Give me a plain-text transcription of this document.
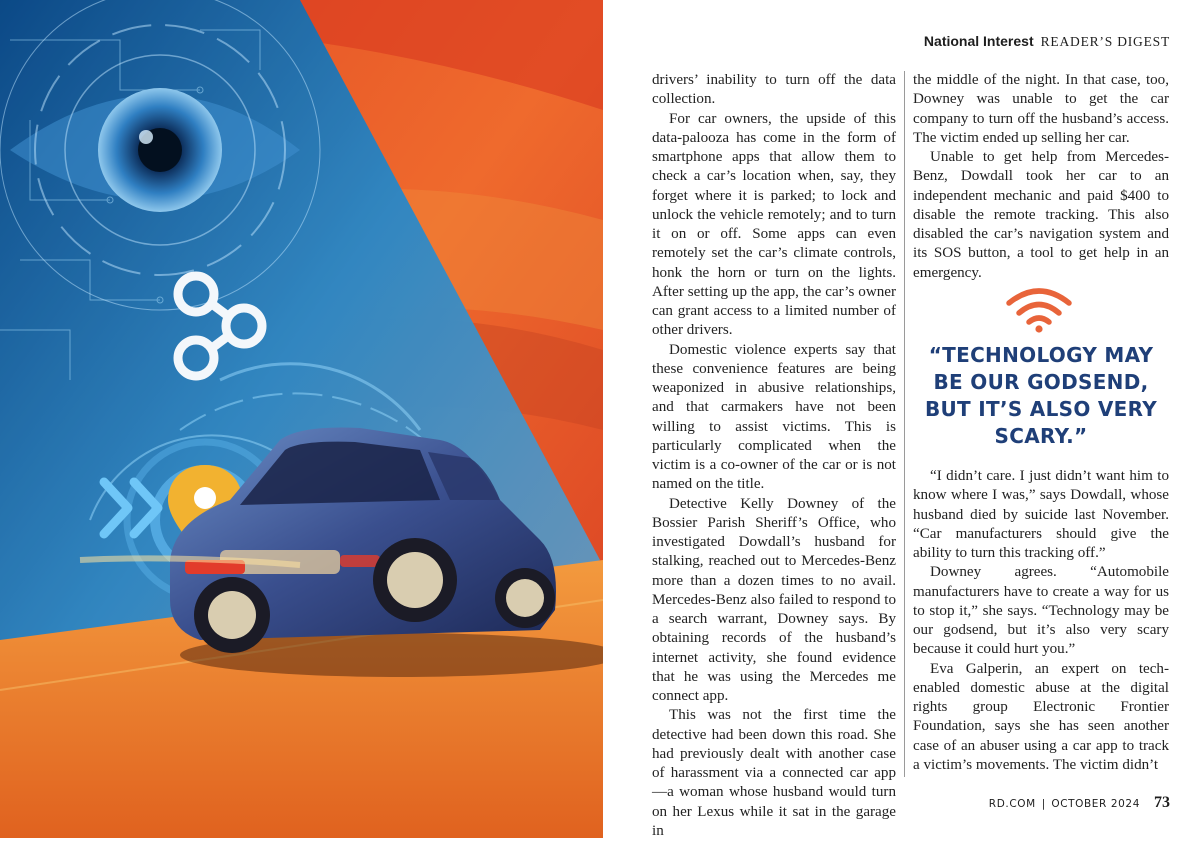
National Interest READER’S DIGEST

drivers’ inability to turn off the data collection.

For car owners, the upside of this data-palooza has come in the form of smartphone apps that allow them to check a car’s location when, say, they forget where it is parked; to lock and unlock the vehicle remotely; and to turn it on or off. Some apps can even remotely set the car’s climate controls, honk the horn or turn on the lights. After setting up the app, the car’s owner can grant access to a limited number of other drivers.

Domestic violence experts say that these convenience features are being weaponized in abusive relationships, and that carmakers have not been willing to assist victims. This is particularly complicated when the victim is a co-owner of the car or is not named on the title.

Detective Kelly Downey of the Bossier Parish Sheriff’s Office, who investigated Dowdall’s husband for stalking, reached out to Mercedes-Benz more than a dozen times to no avail. Mercedes-Benz also failed to respond to a search warrant, Downey says. By obtaining records of the husband’s internet activity, she found evidence that he was using the Mercedes me connect app.

This was not the first time the detective had been down this road. She had previously dealt with another case of harassment via a connected car app—a woman whose husband would turn on her Lexus while it sat in the garage in

the middle of the night. In that case, too, Downey was unable to get the car company to turn off the husband’s access. The victim ended up selling her car.

Unable to get help from Mercedes-Benz, Dowdall took her car to an independent mechanic and paid $400 to disable the remote tracking. This also disabled the car’s navigation system and its SOS button, a tool to get help in an emergency.

“TECHNOLOGY MAY BE OUR GODSEND, BUT IT’S ALSO VERY SCARY.”

“I didn’t care. I just didn’t want him to know where I was,” says Dowdall, whose husband died by suicide last November. “Car manufacturers should give the ability to turn this tracking off.”

Downey agrees. “Automobile manufacturers have to create a way for us to stop it,” she says. “Technology may be our godsend, but it’s also very scary because it could hurt you.”

Eva Galperin, an expert on tech-enabled domestic abuse at the digital rights group Electronic Frontier Foundation, says she has seen another case of an abuser using a car app to track a victim’s movements. The victim didn’t

RD.COM | OCTOBER 2024 73
